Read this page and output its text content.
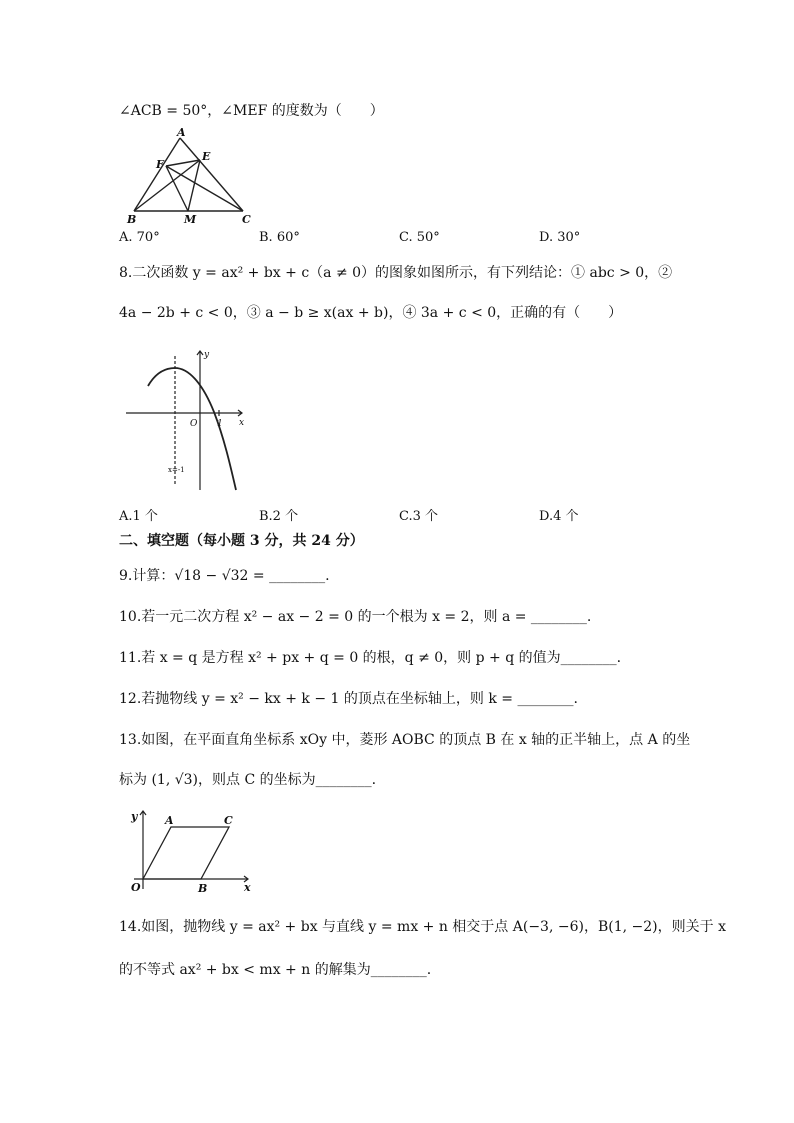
∠ACB = 50°，∠MEF 的度数为（　　）
A
E
F
B	M	C
A. 70°	B. 60°	C. 50°	D. 30°
8.二次函数 y = ax² + bx + c（a ≠ 0）的图象如图所示，有下列结论：① abc > 0，②
4a − 2b + c < 0，③ a − b ≥ x(ax + b)，④ 3a + c < 0，正确的有（　　）
y
x
O 1
x=-1
A.1 个	B.2 个	C.3 个	D.4 个
二、填空题（每小题 3 分，共 24 分）
9.计算：√18 − √32 = ________.
10.若一元二次方程 x² − ax − 2 = 0 的一个根为 x = 2，则 a = ________.
11.若 x = q 是方程 x² + px + q = 0 的根，q ≠ 0，则 p + q 的值为________.
12.若抛物线 y = x² − kx + k − 1 的顶点在坐标轴上，则 k = ________.
13.如图，在平面直角坐标系 xOy 中，菱形 AOBC 的顶点 B 在 x 轴的正半轴上，点 A 的坐
标为 (1, √3)，则点 C 的坐标为________.
y
x
O
A	C
B
14.如图，抛物线 y = ax² + bx 与直线 y = mx + n 相交于点 A(−3, −6)，B(1, −2)，则关于 x
的不等式 ax² + bx < mx + n 的解集为________.
